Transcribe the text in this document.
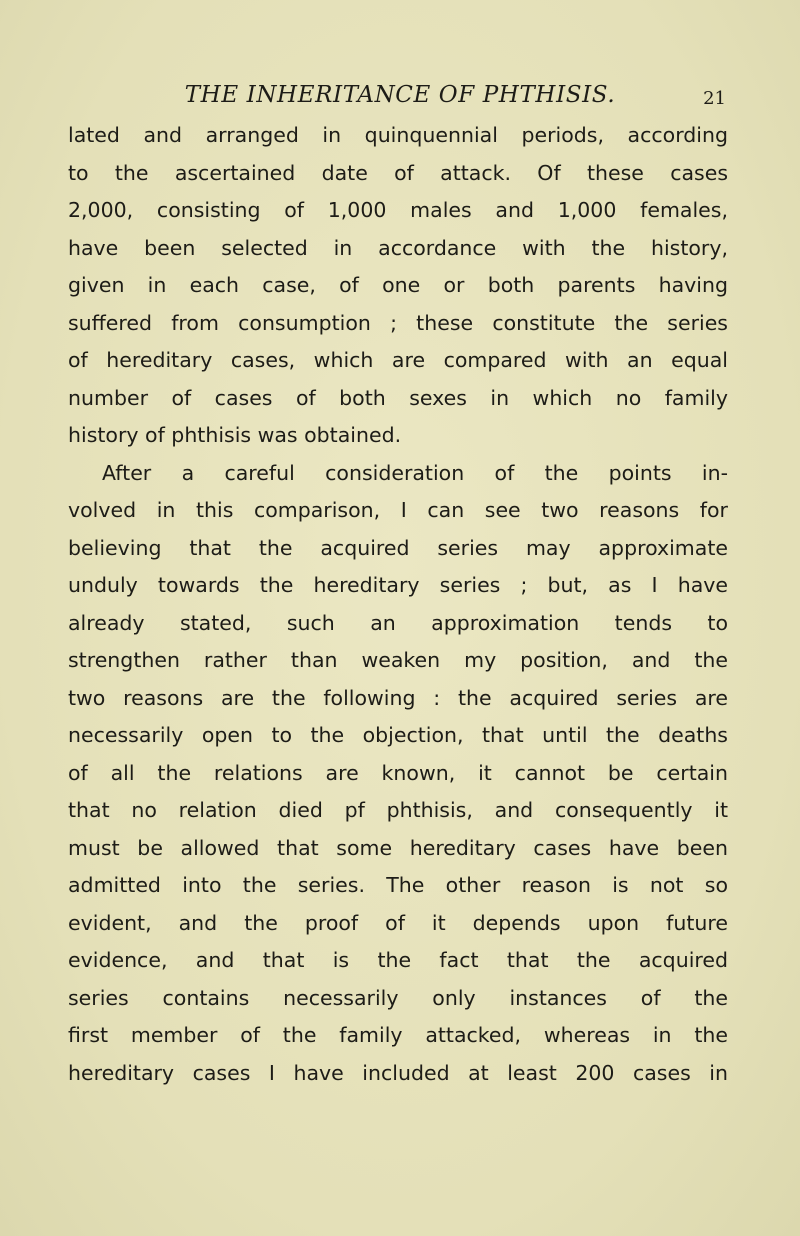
THE INHERITANCE OF PHTHISIS.	21
lated and arranged in quinquennial periods, according
to the ascertained date of attack. Of these cases
2,000, consisting of 1,000 males and 1,000 females,
have been selected in accordance with the history,
given in each case, of one or both parents having
suffered from consumption ; these constitute the series
of hereditary cases, which are compared with an equal
number of cases of both sexes in which no family
history of phthisis was obtained.
After a careful consideration of the points in-
volved in this comparison, I can see two reasons for
believing that the acquired series may approximate
unduly towards the hereditary series ; but, as I have
already stated, such an approximation tends to
strengthen rather than weaken my position, and the
two reasons are the following : the acquired series are
necessarily open to the objection, that until the deaths
of all the relations are known, it cannot be certain
that no relation died pf phthisis, and consequently it
must be allowed that some hereditary cases have been
admitted into the series. The other reason is not so
evident, and the proof of it depends upon future
evidence, and that is the fact that the acquired
series contains necessarily only instances of the
first member of the family attacked, whereas in the
hereditary cases I have included at least 200 cases in
